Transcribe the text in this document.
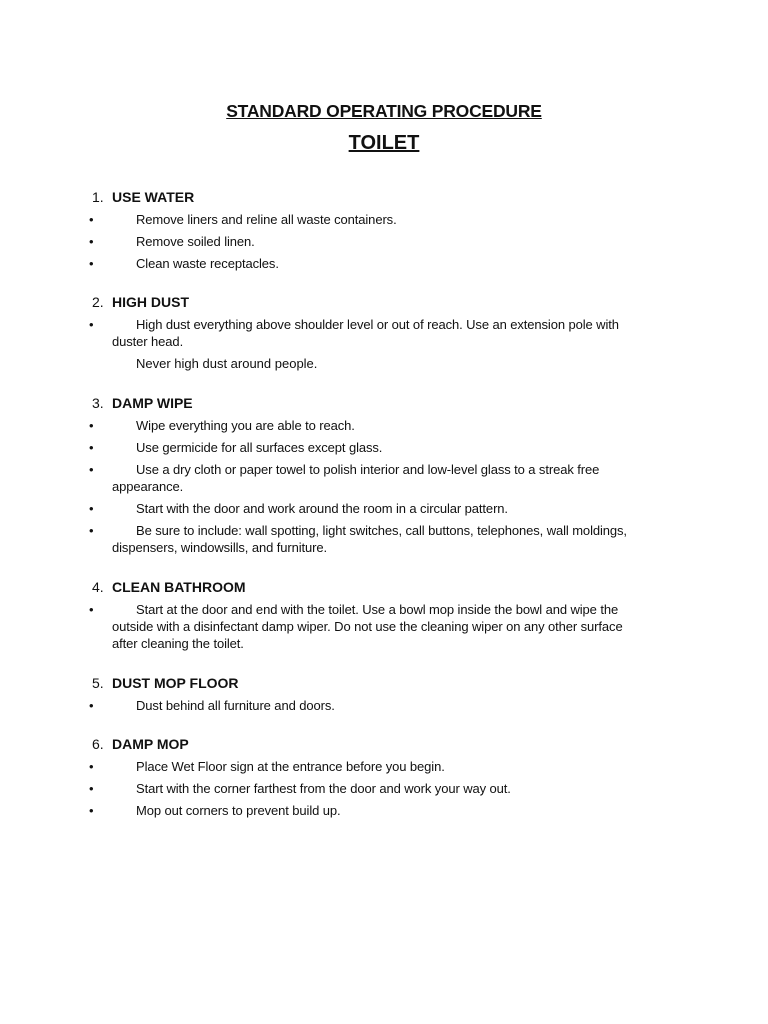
STANDARD OPERATING PROCEDURE
TOILET
1. USE WATER
•	Remove liners and reline all waste containers.
•	Remove soiled linen.
•	Clean waste receptacles.
2. HIGH DUST
•	High dust everything above shoulder level or out of reach. Use an extension pole with duster head.
Never high dust around people.
3. DAMP WIPE
•	Wipe everything you are able to reach.
•	Use germicide for all surfaces except glass.
•	Use a dry cloth or paper towel to polish interior and low-level glass to a streak free appearance.
•	Start with the door and work around the room in a circular pattern.
•	Be sure to include: wall spotting, light switches, call buttons, telephones, wall moldings, dispensers, windowsills, and furniture.
4. CLEAN BATHROOM
•	Start at the door and end with the toilet. Use a bowl mop inside the bowl and wipe the outside with a disinfectant damp wiper. Do not use the cleaning wiper on any other surface after cleaning the toilet.
5. DUST MOP FLOOR
•	Dust behind all furniture and doors.
6. DAMP MOP
•	Place Wet Floor sign at the entrance before you begin.
•	Start with the corner farthest from the door and work your way out.
•	Mop out corners to prevent build up.
